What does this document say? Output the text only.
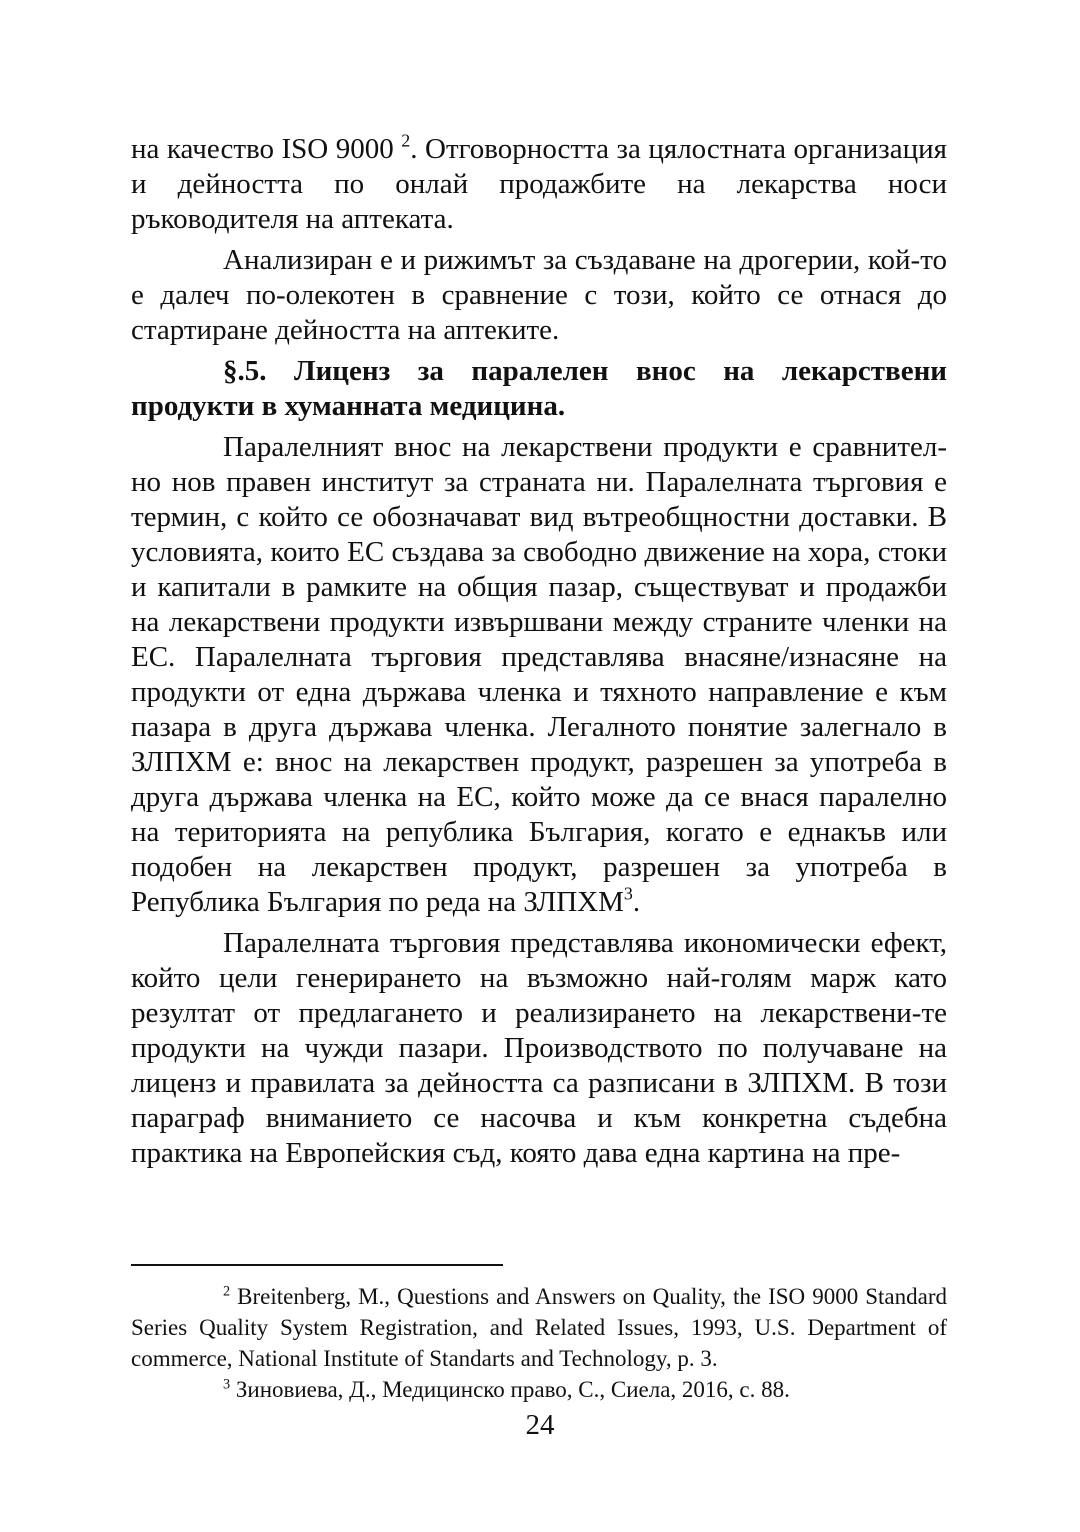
на качество ISO 9000 $^2$. Отговорността за цялостната организация и дейността по онлай продажбите на лекарства носи ръководителя на аптеката.

Анализиран е и рижимът за създаване на дрогерии, кой-то е далеч по-олекотен в сравнение с този, който се отнася до стартиране дейността на аптеките.

§.5. Лиценз за паралелен внос на лекарствени продукти в хуманната медицина.

Паралелният внос на лекарствени продукти е сравнител-но нов правен институт за страната ни. Паралелната търговия е термин, с който се обозначават вид вътреобщностни доставки. В условията, които ЕС създава за свободно движение на хора, стоки и капитали в рамките на общия пазар, съществуват и продажби на лекарствени продукти извършвани между страните членки на ЕС. Паралелната търговия представлява внасяне/изнасяне на продукти от една държава членка и тяхното направление е към пазара в друга държава членка. Легалното понятие залегнало в ЗЛПХМ е: внос на лекарствен продукт, разрешен за употреба в друга държава членка на ЕС, който може да се внася паралелно на територията на република България, когато е еднакъв или подобен на лекарствен продукт, разрешен за употреба в Република България по реда на ЗЛПХМ$^3$.

Паралелната търговия представлява икономически ефект, който цели генерирането на възможно най-голям марж като резултат от предлагането и реализирането на лекарствени-те продукти на чужди пазари. Производството по получаване на лиценз и правилата за дейността са разписани в ЗЛПХМ. В този параграф вниманието се насочва и към конкретна съдебна практика на Европейския съд, която дава една картина на пре-

$^2$ Breitenberg, M., Questions and Answers on Quality, the ISO 9000 Standard Series Quality System Registration, and Related Issues, 1993, U.S. Department of commerce, National Institute of Standarts and Technology, p. 3.

$^3$ Зиновиева, Д., Медицинско право, С., Сиела, 2016, с. 88.

24
